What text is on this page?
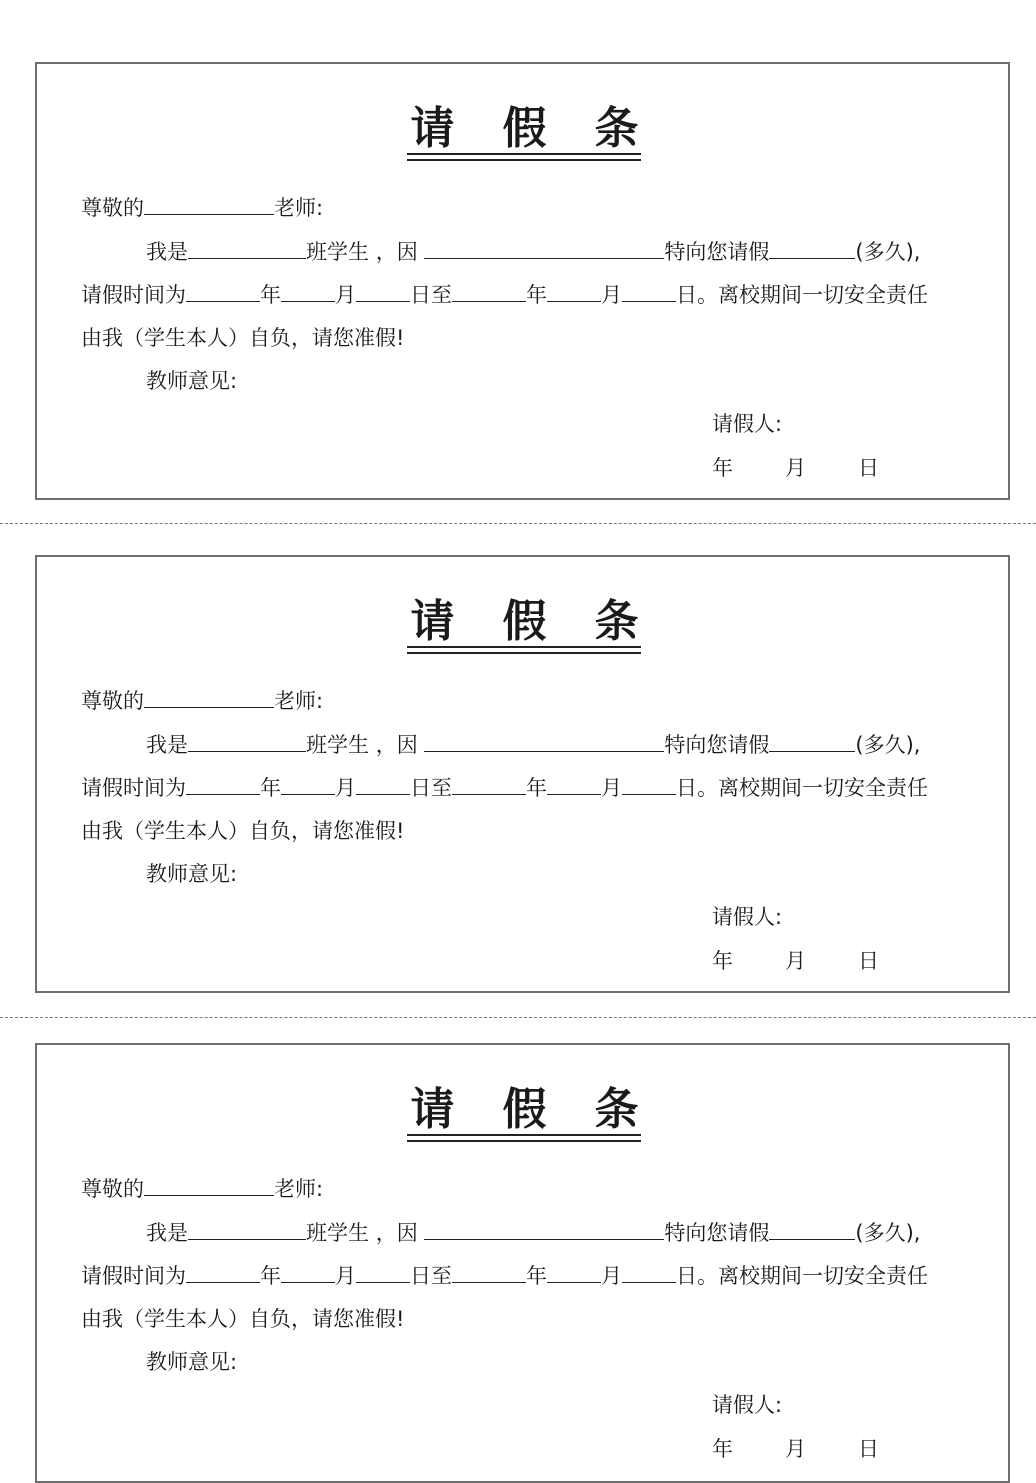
请 假 条
尊敬的	老师:
我是	班学生 ，因	特向您请假	(多久),
请假时间为	年	月	日至	年	月	日。离校期间一切安全责任
由我（学生本人）自负，请您准假!
教师意见:
请假人:
年 月 日
请 假 条
尊敬的	老师:
我是	班学生 ，因	特向您请假	(多久),
请假时间为	年	月	日至	年	月	日。离校期间一切安全责任
由我（学生本人）自负，请您准假!
教师意见:
请假人:
年 月 日
请 假 条
尊敬的	老师:
我是	班学生 ，因	特向您请假	(多久),
请假时间为	年	月	日至	年	月	日。离校期间一切安全责任
由我（学生本人）自负，请您准假!
教师意见:
请假人:
年 月 日
